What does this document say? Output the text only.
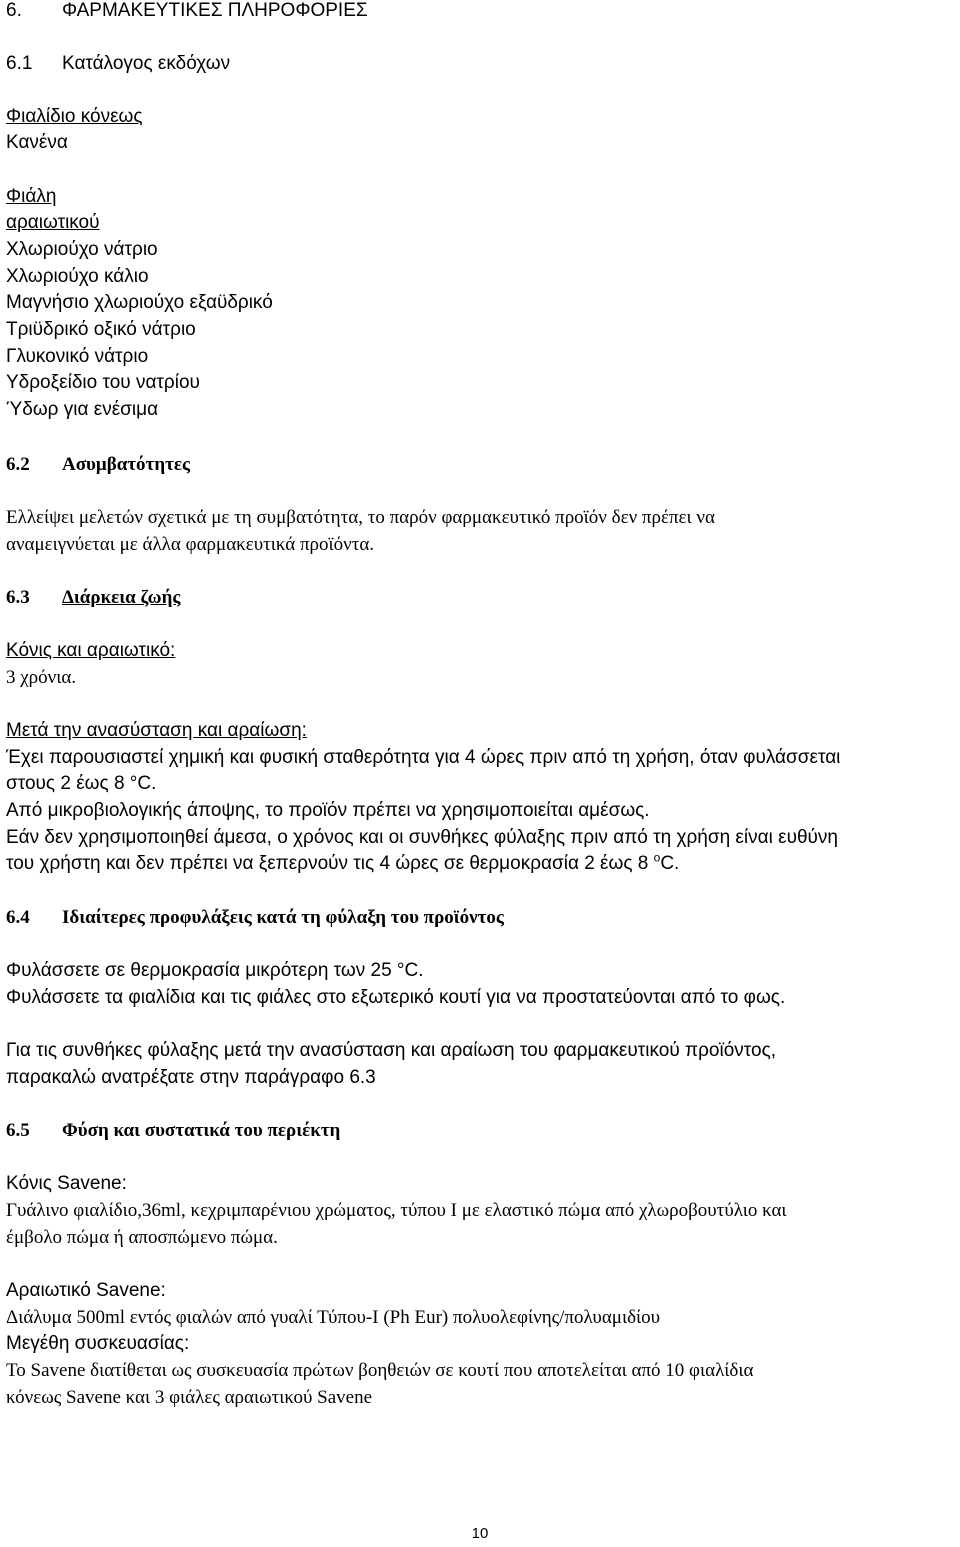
6. ΦΑΡΜΑΚΕΥΤΙΚΕΣ ΠΛΗΡΟΦΟΡΙΕΣ
6.1 Κατάλογος εκδόχων
Φιαλίδιο κόνεως
Κανένα
Φιάλη
αραιωτικού
Χλωριούχο νάτριο
Χλωριούχο κάλιο
Μαγνήσιο χλωριούχο εξαϋδρικό
Τριϋδρικό οξικό νάτριο
Γλυκονικό νάτριο
Υδροξείδιο του νατρίου
Ύδωρ για ενέσιμα
6.2 Ασυμβατότητες
Ελλείψει μελετών σχετικά με τη συμβατότητα, το παρόν φαρμακευτικό προϊόν δεν πρέπει να
αναμειγνύεται με άλλα φαρμακευτικά προϊόντα.
6.3 Διάρκεια ζωής
Κόνις και αραιωτικό:
3 χρόνια.
Μετά την ανασύσταση και αραίωση:
Έχει παρουσιαστεί χημική και φυσική σταθερότητα για 4 ώρες πριν από τη χρήση, όταν φυλάσσεται
στους 2 έως 8 °C.
Από μικροβιολογικής άποψης, το προϊόν πρέπει να χρησιμοποιείται αμέσως.
Εάν δεν χρησιμοποιηθεί άμεσα, ο χρόνος και οι συνθήκες φύλαξης πριν από τη χρήση είναι ευθύνη
του χρήστη και δεν πρέπει να ξεπερνούν τις 4 ώρες σε θερμοκρασία 2 έως 8 $^o$C.
6.4 Ιδιαίτερες προφυλάξεις κατά τη φύλαξη του προϊόντος
Φυλάσσετε σε θερμοκρασία μικρότερη των 25 °C.
Φυλάσσετε τα φιαλίδια και τις φιάλες στο εξωτερικό κουτί για να προστατεύονται από το φως.
Για τις συνθήκες φύλαξης μετά την ανασύσταση και αραίωση του φαρμακευτικού προϊόντος,
παρακαλώ ανατρέξατε στην παράγραφο 6.3
6.5 Φύση και συστατικά του περιέκτη
Κόνις Savene:
Γυάλινο φιαλίδιο,36ml, κεχριμπαρένιου χρώματος, τύπου I με ελαστικό πώμα από χλωροβουτύλιο και
έμβολο πώμα ή αποσπώμενο πώμα.
Αραιωτικό Savene:
Διάλυμα 500ml εντός φιαλών από γυαλί Τύπου-I (Ph Eur) πολυολεφίνης/πολυαμιδίου
Μεγέθη συσκευασίας:
Το Savene διατίθεται ως συσκευασία πρώτων βοηθειών σε κουτί που αποτελείται από 10 φιαλίδια
κόνεως Savene και 3 φιάλες αραιωτικού Savene
10
